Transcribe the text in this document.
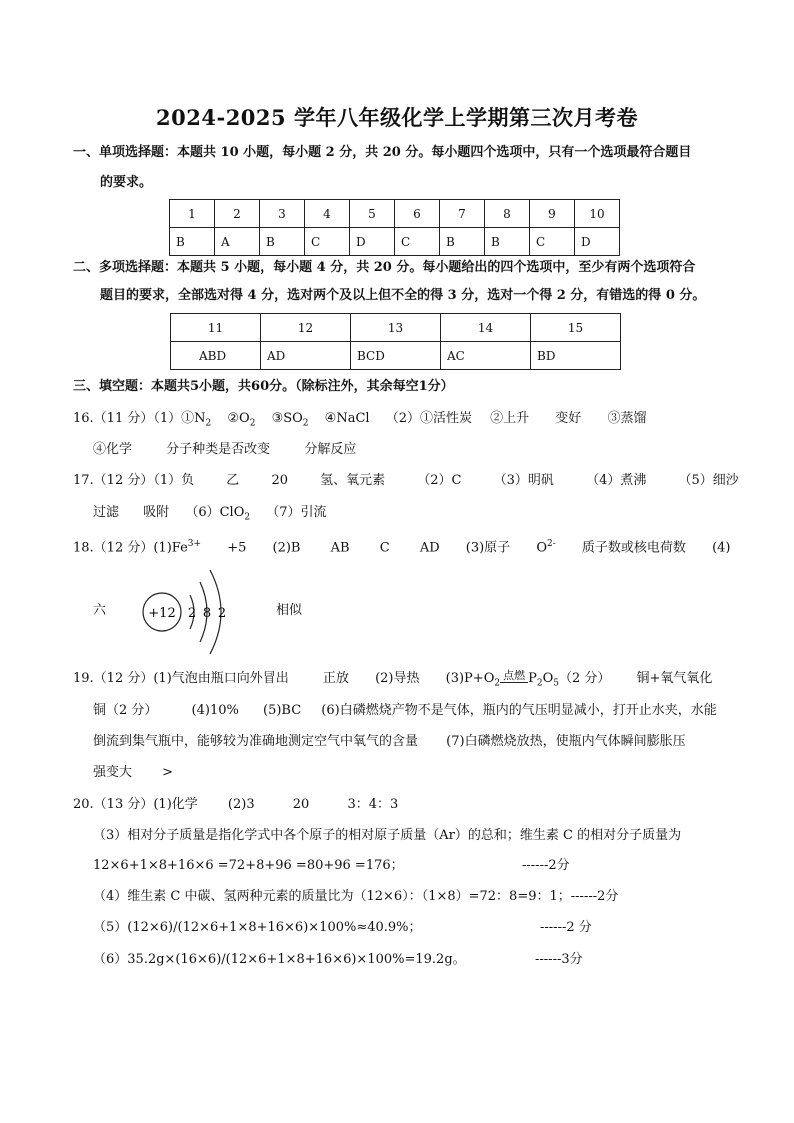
2024-2025 学年八年级化学上学期第三次月考卷
一、单项选择题：本题共 10 小题，每小题 2 分，共 20 分。每小题四个选项中，只有一个选项最符合题目
的要求。
1	2	3	4	5	6	7	8	9	10
B	A	B	C	D	C	B	B	C	D
二、多项选择题：本题共 5 小题，每小题 4 分，共 20 分。每小题给出的四个选项中，至少有两个选项符合
题目的要求，全部选对得 4 分，选对两个及以上但不全的得 3 分，选对一个得 2 分，有错选的得 0 分。
11	12	13	14	15
ABD	AD	BCD	AC	BD
三、填空题：本题共5小题，共60分。（除标注外，其余每空1分）
16.（11 分）$(1)①N_2$ $②O_2$ $③SO_2$ ④NaCl （2）①活性炭 ②上升 变好 ③蒸馏
④化学	分子种类是否改变	分解反应
17.（12 分）（1）负 乙 20 氢、氧元素 （2）C （3）明矾 （4）煮沸 （5）细沙
过滤 吸附 （6）ClO$_2$ （7）引流
18.（12 分）$(1)Fe^{3+} +5$ (2)B AB C AD (3)原子 $O^{2-}$ 质子数或核电荷数 (4)
六	+12 2 8 2	相似
19.（12 分）(1)气泡由瓶口向外冒出	正放 (2)导热 $(3)P+O_2$点燃 $P_2O_5(2$ 分） 铜+氧气氧化
铜（2 分）	(4)10% (5)BC (6)白磷燃烧产物不是气体，瓶内的气压明显减小，打开止水夹，水能
倒流到集气瓶中，能够较为准确地测定空气中氧气的含量 (7)白磷燃烧放热，使瓶内气体瞬间膨胀压
强变大 >
20.（13 分）(1)化学 (2)3	20	3：4：3
（3）相对分子质量是指化学式中各个原子的相对原子质量（Ar）的总和；维生素 C 的相对分子质量为
12×6+1×8+16×6 =72+8+96 =80+96 =176；	------2分
（4）维生素 C 中碳、氢两种元素的质量比为（12×6）：（1×8）=72：8=9：1；------2分
（5）(12×6)/(12×6+1×8+16×6)×100%≈40.9%；	------2 分
（6）35.2g×(16×6)/(12×6+1×8+16×6)×100%=19.2g。	------3分
